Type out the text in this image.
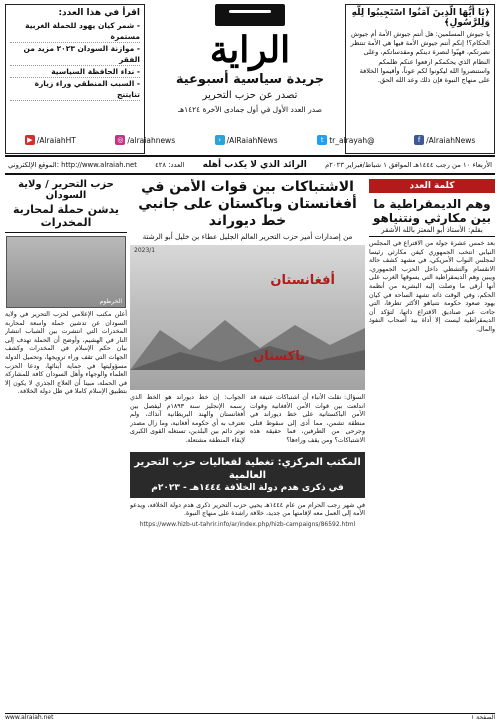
﴿يَا أَيُّهَا الَّذِينَ آمَنُوا اسْتَجِيبُوا لِلَّهِ وَلِلرَّسُولِ﴾
يا جيوش المسلمين: هل أنتم جيوش الأمة أم جيوش الحكام؟! إنكم أنتم جيوش الأمة فيها هي الأمة تنتظر نصرتكم، فهبّوا لنصرة دينكم ومقدساتكم، وعلى النظام الذي يحكمكم ارفعوا عنكم ظلمكم واستنصروا الله ليكونوا لكم عوناً، وأقيموا الخلافة على منهاج النبوة فإن ذلك وعد الله الحق.
الراية
جريدة سياسية أسبوعية
تصدر عن حزب التحرير
صدر العدد الأول في أول جمادى الآخرة ١٤٢٤هـ
اقرأ في هذا العدد:
- شمر كيان يهود للحملة الغربية مستمرة
- موازنة السودان ٢٠٢٣ مزيد من الفقر
- نداء الحافظة السياسية
- السبب المنطقي وراء زيارة تنايتنج
f /AlraiahNews
t tr_alrayah@
› /AlRaiahNews
◎ /alraiahnews
▶ /AlraiahHT
الأربعاء ١٠ من رجب ١٤٤٤هـ الموافق ١ شباط/فبراير ٢٠٢٣م
الرائد الذي لا يكذب أهله
العدد: ٤٢٨
الموقع الإلكتروني: http://www.alraiah.net
كلمة العدد
وهم الديمقراطية ما بين مكارثي ونتنياهو
بقلم: الأستاذ أبو المعتز بالله الأشقر
بعد خمس عشرة جولة من الاقتراع في المجلس النيابي انتخب الجمهوري كيفن مكارثي رئيسا لمجلس النواب الأمريكي، في مشهد كشف حالة الانقسام والتشظي داخل الحزب الجمهوري، ويبين وهم الديمقراطية التي يسوقها الغرب على أنها أرقى ما وصلت إليه البشرية من أنظمة الحكم، وفي الوقت ذاته تشهد الساحة في كيان يهود صعود حكومة نتنياهو الأكثر تطرفا، التي جاءت عبر صناديق الاقتراع ذاتها، لتؤكد أن الديمقراطية ليست إلا أداة بيد أصحاب النفوذ والمال.
الاشتباكات بين قوات الأمن في أفغانستان وباكستان على جانبي خط ديوراند
من إصدارات أمير حزب التحرير العالم الجليل عطاء بن خليل أبو الرشتة
أفغانستان
باكستان
2023/1
السؤال: نقلت الأنباء أن اشتباكات عنيفة قد اندلعت بين قوات الأمن الأفغانية وقوات الأمن الباكستانية على خط ديوراند في منطقة تشمن، مما أدى إلى سقوط قتلى وجرحى من الطرفين، فما حقيقة هذه الاشتباكات؟ ومن يقف وراءها؟
الجواب: إن خط ديوراند هو الخط الذي رسمه الإنجليز سنة ١٨٩٣م ليفصل بين أفغانستان والهند البريطانية آنذاك، ولم تعترف به أي حكومة أفغانية، وما زال مصدر توتر دائم بين البلدين، تستغله القوى الكبرى لإبقاء المنطقة مشتعلة.
المكتب المركزي: تغطية لفعاليات حزب التحرير العالمية
في ذكرى هدم دولة الخلافة ١٤٤٤هـ - ٢٠٢٣م
في شهر رجب الحرام من عام ١٤٤٤هـ يحيي حزب التحرير ذكرى هدم دولة الخلافة، ويدعو الأمة إلى العمل معه لإقامتها من جديد، خلافة راشدة على منهاج النبوة.
https://www.hizb-ut-tahrir.info/ar/index.php/hizb-campaigns/86592.html
حزب التحرير / ولاية السودان
يدشن حملة لمحاربة المخدرات
الخرطوم
أعلن مكتب الإعلامي لحزب التحرير في ولاية السودان عن تدشين حملة واسعة لمحاربة المخدرات التي انتشرت بين الشباب انتشار النار في الهشيم، وأوضح أن الحملة تهدف إلى بيان حكم الإسلام في المخدرات وكشف الجهات التي تقف وراء ترويجها، وتحميل الدولة مسؤوليتها في حماية أبنائها، ودعا الحزب العلماء والوجهاء وأهل السودان كافة للمشاركة في الحملة، مبينا أن العلاج الجذري لا يكون إلا بتطبيق الإسلام كاملا في ظل دولة الخلافة.
الصفحة ١
www.alraiah.net
